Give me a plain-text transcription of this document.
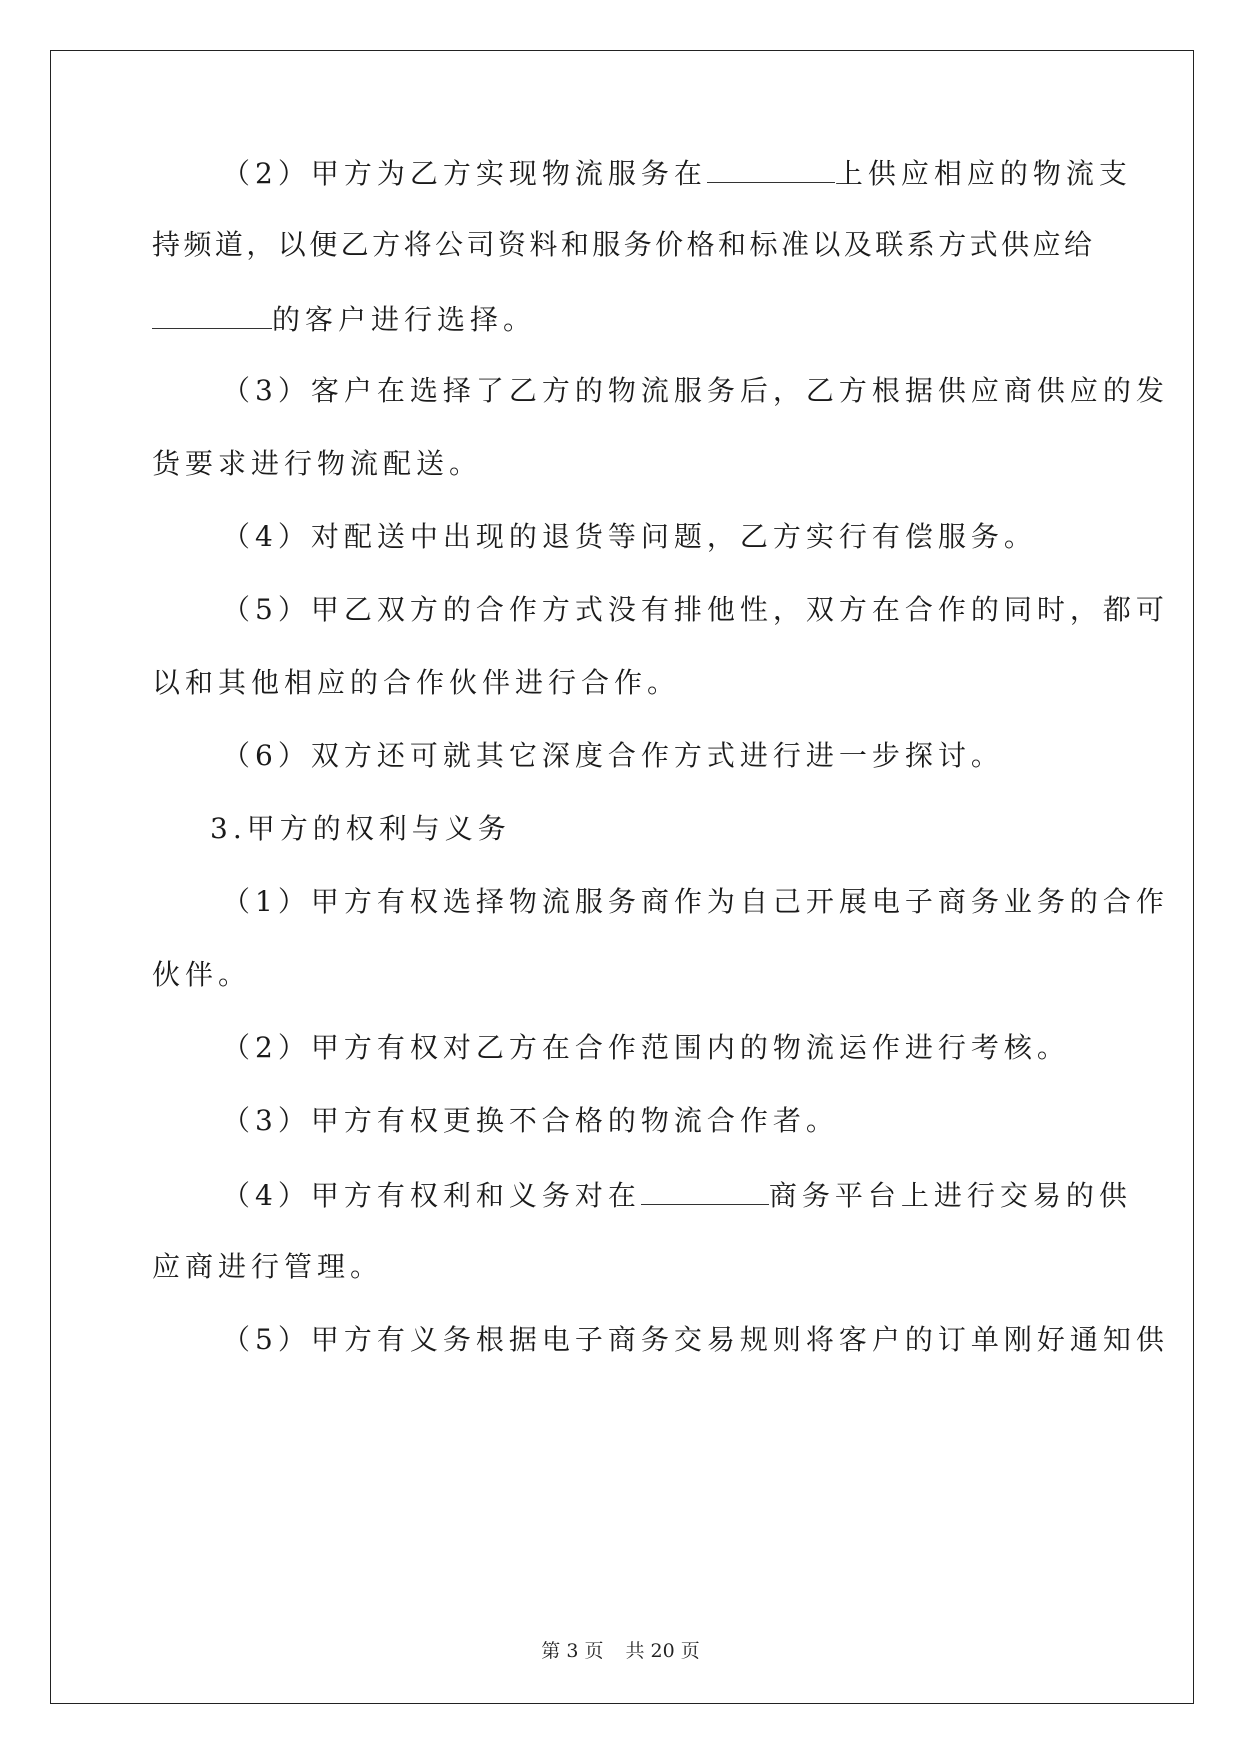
（2）甲方为乙方实现物流服务在	上供应相应的物流支
持频道，以便乙方将公司资料和服务价格和标准以及联系方式供应给
的客户进行选择。
（3）客户在选择了乙方的物流服务后，乙方根据供应商供应的发
货要求进行物流配送。
（4）对配送中出现的退货等问题，乙方实行有偿服务。
（5）甲乙双方的合作方式没有排他性，双方在合作的同时，都可
以和其他相应的合作伙伴进行合作。
（6）双方还可就其它深度合作方式进行进一步探讨。
3.甲方的权利与义务
（1）甲方有权选择物流服务商作为自己开展电子商务业务的合作
伙伴。
（2）甲方有权对乙方在合作范围内的物流运作进行考核。
（3）甲方有权更换不合格的物流合作者。
（4）甲方有权利和义务对在	商务平台上进行交易的供
应商进行管理。
（5）甲方有义务根据电子商务交易规则将客户的订单刚好通知供
第 3 页 共 20 页
